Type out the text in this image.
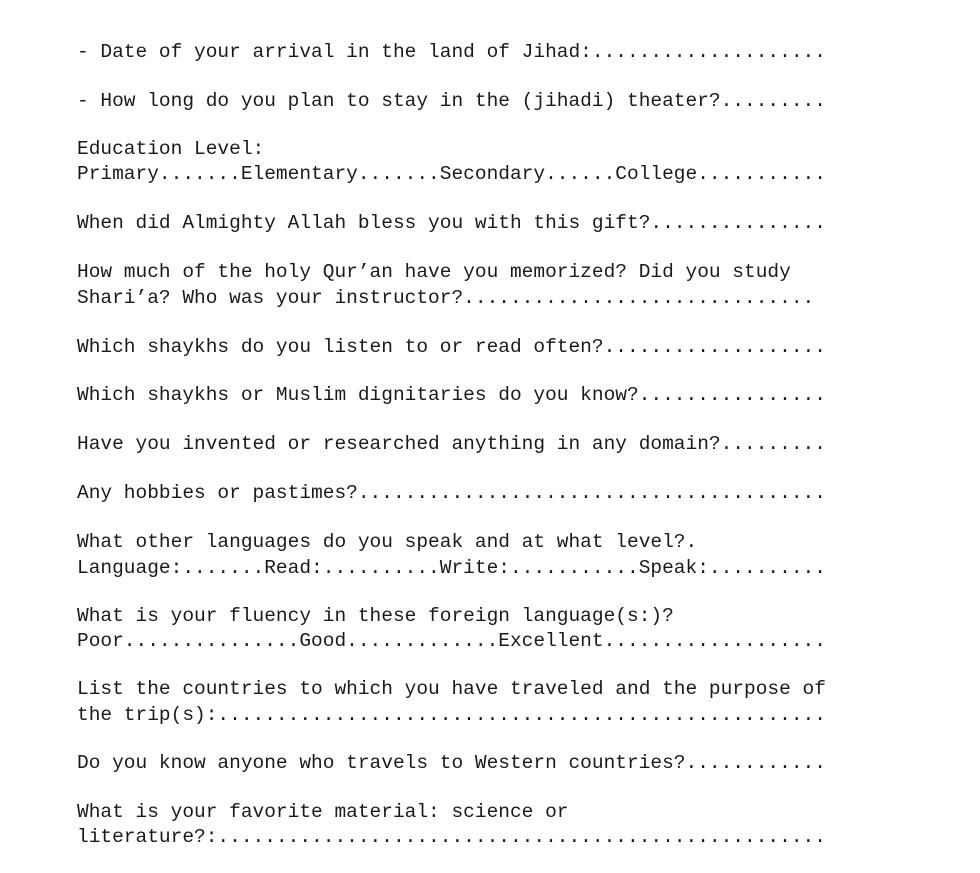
- Date of your arrival in the land of Jihad:....................

- How long do you plan to stay in the (jihadi) theater?.........

Education Level:

Primary.......Elementary.......Secondary......College...........

When did Almighty Allah bless you with this gift?...............

How much of the holy Qur’an have you memorized? Did you study

Shari’a? Who was your instructor?..............................

Which shaykhs do you listen to or read often?...................

Which shaykhs or Muslim dignitaries do you know?................

Have you invented or researched anything in any domain?.........

Any hobbies or pastimes?........................................

What other languages do you speak and at what level?.

Language:.......Read:..........Write:...........Speak:..........

What is your fluency in these foreign language(s:)?

Poor...............Good.............Excellent...................

List the countries to which you have traveled and the purpose of

the trip(s):....................................................

Do you know anyone who travels to Western countries?............

What is your favorite material: science or

literature?:....................................................
